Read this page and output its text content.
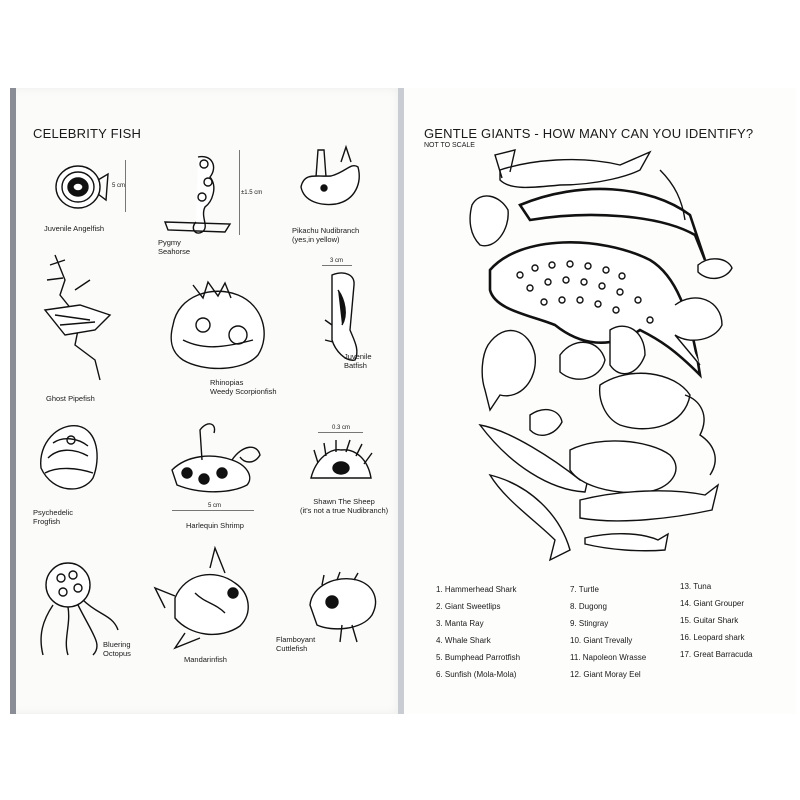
CELEBRITY FISH
5 cm
Juvenile Angelfish
±1.5 cm
Pygmy
Seahorse
Pikachu Nudibranch
(yes,in yellow)
Ghost Pipefish
Rhinopias
Weedy Scorpionfish
3 cm
Juvenile
Batfish
Psychedelic
Frogfish
5 cm
Harlequin Shrimp
0.3 cm
Shawn The Sheep
(it's not a true Nudibranch)
Bluering
Octopus
Mandarinfish
Flamboyant
Cuttlefish
GENTLE GIANTS - HOW MANY CAN YOU IDENTIFY?
NOT TO SCALE
1. Hammerhead Shark
2. Giant Sweetlips
3. Manta Ray
4. Whale Shark
5. Bumphead Parrotfish
6. Sunfish (Mola-Mola)
7. Turtle
8. Dugong
9. Stingray
10. Giant Trevally
11. Napoleon Wrasse
12. Giant Moray Eel
13. Tuna
14. Giant Grouper
15. Guitar Shark
16. Leopard shark
17. Great Barracuda
